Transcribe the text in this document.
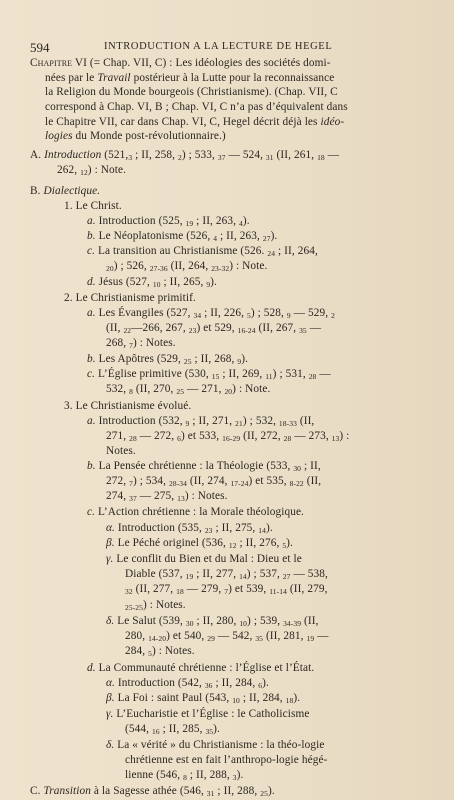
594	INTRODUCTION A LA LECTURE DE HEGEL
Chapitre VI (= Chap. VII, C) : Les idéologies des sociétés domi-
nées par le Travail postérieur à la Lutte pour la reconnaissance
la Religion du Monde bourgeois (Christianisme). (Chap. VII, C
correspond à Chap. VI, B ; Chap. VI, C n’a pas d’équivalent dans
le Chapitre VII, car dans Chap. VI, C, Hegel décrit déjà les idéo-
logies du Monde post-révolutionnaire.)
A. Introduction ($521,_3$ ; II, 258, $_2$) ; 533, $_{37}$ — 524, $_{31}$ (II, 261, $_{18}$ —
262, $_{12}$) : Note.
B. Dialectique.
1. Le Christ.
a. Introduction (525, $_{19}$ ; II, 263, $_4$).
b. Le Néoplatonisme (526, $_4$ ; II, 263, $_{27}$).
c. La transition au Christianisme (526. $_{24}$ ; II, 264,
$_{20}$) ; 526, $_{27-36}$ (II, 264, $_{23-32}$) : Note.
d. Jésus (527, $_{10}$ ; II, 265, $_9$).
2. Le Christianisme primitif.
a. Les Évangiles (527, $_{34}$ ; II, 226, $_5$) ; 528, $_9$ — 529, $_2$
(II, $_{22}$—266, 267, $_{23}$) et 529, $_{16-24}$ (II, 267, $_{35}$ —
268, $_7$) : Notes.
b. Les Apôtres (529, $_{25}$ ; II, 268, $_9$).
c. L’Église primitive (530, $_{15}$ ; II, 269, $_{11}$) ; 531, $_{28}$ —
532, $_8$ (II, 270, $_{25}$ — 271, $_{20}$) : Note.
3. Le Christianisme évolué.
a. Introduction (532, $_9$ ; II, 271, $_{21}$) ; 532, $_{18-33}$ (II,
271, $_{28}$ — 272, $_6$) et 533, $_{16-29}$ (II, 272, $_{28}$ — 273, $_{13}$) :
Notes.
b. La Pensée chrétienne : la Théologie (533, $_{30}$ ; II,
272, $_7$) ; 534, $_{28-34}$ (II, 274, $_{17-24}$) et 535, $_{8-22}$ (II,
274, $_{37}$ — 275, $_{13}$) : Notes.
c. L’Action chrétienne : la Morale théologique.
α. Introduction (535, $_{23}$ ; II, 275, $_{14}$).
β. Le Péché originel (536, $_{12}$ ; II, 276, $_5$).
γ. Le conflit du Bien et du Mal : Dieu et le
Diable (537, $_{19}$ ; II, 277, $_{14}$) ; 537, $_{27}$ — 538,
$_{32}$ (II, 277, $_{18}$ — 279, $_7$) et 539, $_{11-14}$ (II, 279,
$_{25-25}$) : Notes.
δ. Le Salut (539, $_{30}$ ; II, 280, $_{10}$) ; 539, $_{34-39}$ (II,
280, $_{14-20}$) et 540, $_{29}$ — 542, $_{35}$ (II, 281, $_{19}$ —
284, $_5$) : Notes.
d. La Communauté chrétienne : l’Église et l’État.
α. Introduction (542, $_{36}$ ; II, 284, $_6$).
β. La Foi : saint Paul (543, $_{10}$ ; II, 284, $_{18}$).
γ. L’Eucharistie et l’Église : le Catholicisme
(544, $_{16}$ ; II, 285, $_{35}$).
δ. La « vérité » du Christianisme : la théo-logie
chrétienne est en fait l’anthropo-logie hégé-
lienne (546, $_8$ ; II, 288, $_3$).
C. Transition à la Sagesse athée (546, $_{31}$ ; II, 288, $_{25}$).
